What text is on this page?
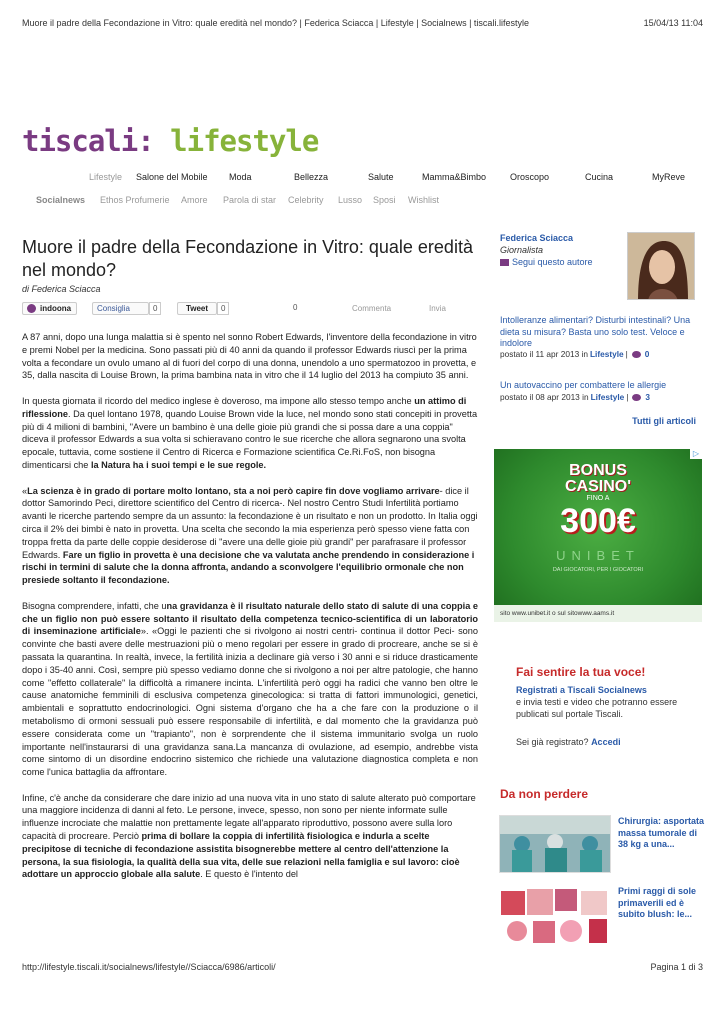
Muore il padre della Fecondazione in Vitro: quale eredità nel mondo? | Federica Sciacca | Lifestyle | Socialnews | tiscali.lifestyle	15/04/13 11:04
tiscali: lifestyle
Lifestyle Salone del Mobile Moda	Bellezza	Salute	Mamma&Bimbo	Oroscopo	Cucina	MyReve
Socialnews Ethos Profumerie Amore Parola di star Celebrity Lusso Sposi Wishlist
Muore il padre della Fecondazione in Vitro: quale eredità nel mondo?
di Federica Sciacca
indoona	Consiglia	0	Tweet	0	0	Commenta	Invia

A 87 anni, dopo una lunga malattia si è spento nel sonno Robert Edwards, l'inventore della fecondazione in vitro e premi Nobel per la medicina. Sono passati più di 40 anni da quando il professor Edwards riuscì per la prima volta a fecondare un ovulo umano al di fuori del corpo di una donna, unendolo a uno spermatozoo in provetta, e 35, dalla nascita di Louise Brown, la prima bambina nata in vitro che il 14 luglio del 2013 ha compiuto 35 anni.

In questa giornata il ricordo del medico inglese è doveroso, ma impone allo stesso tempo anche un attimo di riflessione. Da quel lontano 1978, quando Louise Brown vide la luce, nel mondo sono stati concepiti in provetta più di 4 milioni di bambini, "Avere un bambino è una delle gioie più grandi che si possa dare a una coppia" diceva il professor Edwards a sua volta si schieravano contro le sue ricerche che allora segnarono una svolta epocale, tuttavia, come sostiene il Centro di Ricerca e Formazione scientifica Ce.Ri.FoS, non bisogna dimenticarsi che la Natura ha i suoi tempi e le sue regole.

«La scienza è in grado di portare molto lontano, sta a noi però capire fin dove vogliamo arrivare- dice il dottor Samorindo Peci, direttore scientifico del Centro di ricerca-. Nel nostro Centro Studi Infertilità portiamo avanti le ricerche partendo sempre da un assunto: la fecondazione è un risultato e non un prodotto. In Italia oggi circa il 2% dei bimbi è nato in provetta. Una scelta che secondo la mia esperienza però spesso viene fatta con troppa fretta da parte delle coppie desiderose di "avere una delle gioie più grandi" per parafrasare il professor Edwards. Fare un figlio in provetta è una decisione che va valutata anche prendendo in considerazione i rischi in termini di salute che la donna affronta, andando a sconvolgere l'equilibrio ormonale che non presiede soltanto il fecondazione.

Bisogna comprendere, infatti, che una gravidanza è il risultato naturale dello stato di salute di una coppia e che un figlio non può essere soltanto il risultato della competenza tecnico-scientifica di un laboratorio di inseminazione artificiale». «Oggi le pazienti che si rivolgono ai nostri centri- continua il dottor Peci- sono convinte che basti avere delle mestruazioni più o meno regolari per essere in grado di procreare, anche se si è passata la quarantina. In realtà, invece, la fertilità inizia a declinare già verso i 30 anni e si riduce drasticamente dopo i 35-40 anni. Così, sempre più spesso vediamo donne che si rivolgono a noi per altre patologie, che hanno come "effetto collaterale" la difficoltà a rimanere incinta. L'infertilità però oggi ha radici che vanno ben oltre le cause anatomiche femminili di esclusiva competenza ginecologica: si tratta di fattori immunologici, genetici, ambientali e soprattutto endocrinologici. Ogni sistema d'organo che ha a che fare con la produzione o il metabolismo di ormoni sessuali può essere responsabile di infertilità, e dal momento che la gravidanza può essere considerata come un "trapianto", non è sorprendente che il sistema immunitario svolga un ruolo importante nell'instaurarsi di una gravidanza sana.La mancanza di ovulazione, ad esempio, andrebbe vista come sintomo di un disordine endocrino sistemico che richiede una valutazione diagnostica completa e non come l'unica battaglia da affrontare.

Infine, c'è anche da considerare che dare inizio ad una nuova vita in uno stato di salute alterato può comportare una maggiore incidenza di danni al feto. Le persone, invece, spesso, non sono per niente informate sulle influenze incrociate che malattie non prettamente legate all'apparato riproduttivo, possono avere sulla loro capacità di procreare. Perciò prima di bollare la coppia di infertilità fisiologica e indurla a scelte precipitose di tecniche di fecondazione assistita bisognerebbe mettere al centro dell'attenzione la persona, la sua fisiologia, la qualità della sua vita, delle sue relazioni nella famiglia e sul lavoro: cioè adottare un approccio globale alla salute. E questo è l'intento del

Federica Sciacca
Giornalista
Segui questo autore
Intolleranze alimentari? Disturbi intestinali? Una dieta su misura? Basta uno solo test. Veloce e indolore
postato il 11 apr 2013 in Lifestyle | 0
Un autovaccino per combattere le allergie
postato il 08 apr 2013 in Lifestyle | 3
Tutti gli articoli
BONUS
CASINO'
FINO A
300€
UNIBET
DAI GIOCATORI, PER I GIOCATORI
sito www.unibet.it o sul sitowww.aams.it
▷
Fai sentire la tua voce!
Registrati a Tiscali Socialnews
e invia testi e video che potranno essere publicati sul portale Tiscali.
Sei già registrato? Accedi
Da non perdere
Chirurgia: asportata massa tumorale di 38 kg a una...
Primi raggi di sole primaverili ed è subito blush: le...
http://lifestyle.tiscali.it/socialnews/lifestyle//Sciacca/6986/articoli/	Pagina 1 di 3
